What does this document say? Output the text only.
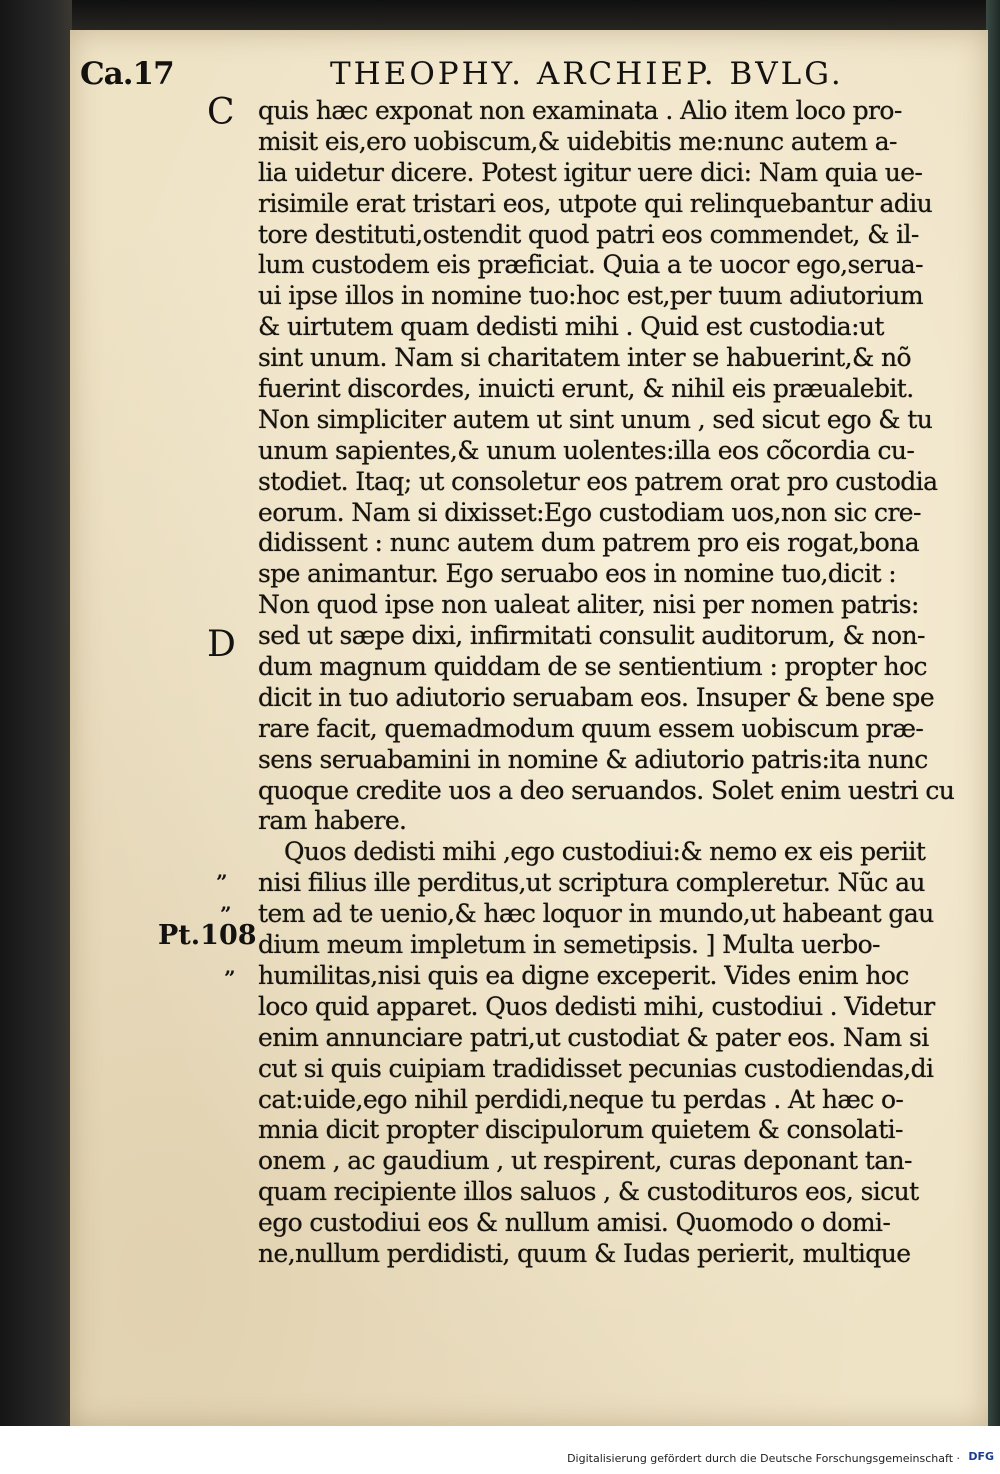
Ca.17	THEOPHY. ARCHIEP. BVLG.
C
D
”
”
”
Pt.108
quis hæc exponat non examinata . Alio item loco pro-
misit eis,ero uobiscum,& uidebitis me:nunc autem a-
lia uidetur dicere. Potest igitur uere dici: Nam quia ue-
risimile erat tristari eos, utpote qui relinquebantur adiu
tore destituti,ostendit quod patri eos commendet, & il-
lum custodem eis præficiat. Quia a te uocor ego,serua-
ui ipse illos in nomine tuo:hoc est,per tuum adiutorium
& uirtutem quam dedisti mihi . Quid est custodia:ut
sint unum. Nam si charitatem inter se habuerint,& nõ
fuerint discordes, inuicti erunt, & nihil eis præualebit.
Non simpliciter autem ut sint unum , sed sicut ego & tu
unum sapientes,& unum uolentes:illa eos cõcordia cu-
stodiet. Itaq; ut consoletur eos patrem orat pro custodia
eorum. Nam si dixisset:Ego custodiam uos,non sic cre-
didissent : nunc autem dum patrem pro eis rogat,bona
spe animantur. Ego seruabo eos in nomine tuo,dicit :
Non quod ipse non ualeat aliter, nisi per nomen patris:
sed ut sæpe dixi, infirmitati consulit auditorum, & non-
dum magnum quiddam de se sentientium : propter hoc
dicit in tuo adiutorio seruabam eos. Insuper & bene spe
rare facit, quemadmodum quum essem uobiscum præ-
sens seruabamini in nomine & adiutorio patris:ita nunc
quoque credite uos a deo seruandos. Solet enim uestri cu
ram habere.
Quos dedisti mihi ,ego custodiui:& nemo ex eis periit
nisi filius ille perditus,ut scriptura compleretur. Nũc au
tem ad te uenio,& hæc loquor in mundo,ut habeant gau
dium meum impletum in semetipsis. ] Multa uerbo-
humilitas,nisi quis ea digne exceperit. Vides enim hoc
loco quid apparet. Quos dedisti mihi, custodiui . Videtur
enim annunciare patri,ut custodiat & pater eos. Nam si
cut si quis cuipiam tradidisset pecunias custodiendas,di
cat:uide,ego nihil perdidi,neque tu perdas . At hæc o-
mnia dicit propter discipulorum quietem & consolati-
onem , ac gaudium , ut respirent, curas deponant tan-
quam recipiente illos saluos , & custodituros eos, sicut
ego custodiui eos & nullum amisi. Quomodo o domi-
ne,nullum perdidisti, quum & Iudas perierit, multique
Digitalisierung gefördert durch die Deutsche Forschungsgemeinschaft · DFG
